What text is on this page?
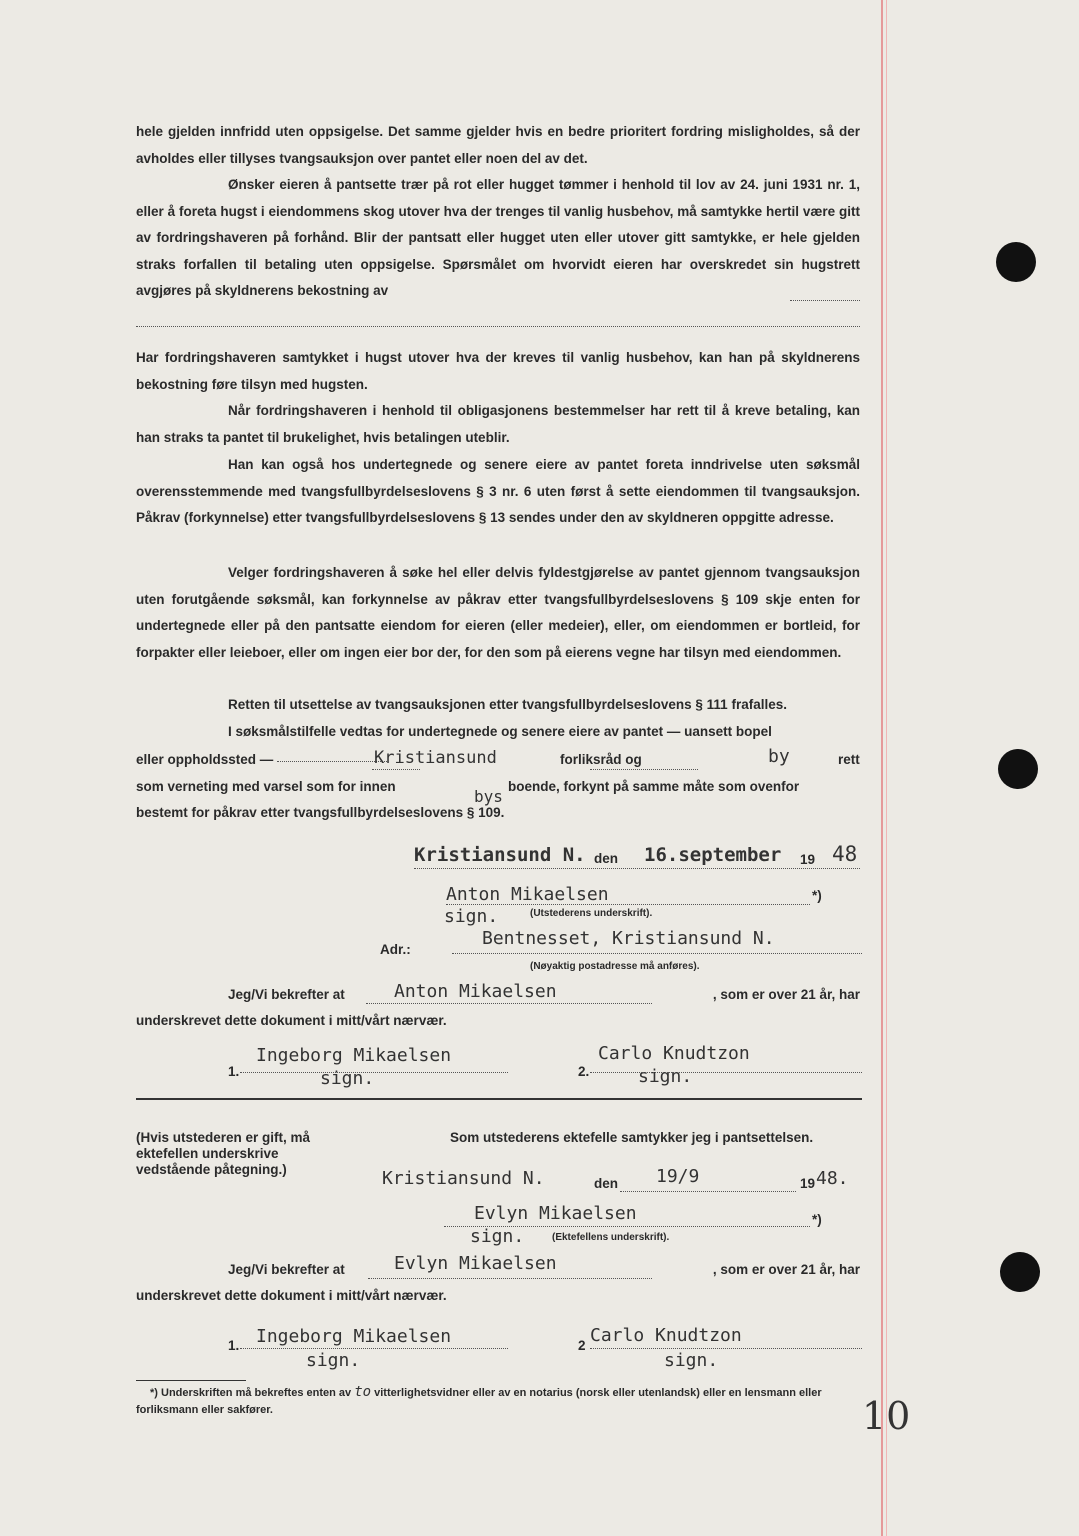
hele gjelden innfridd uten oppsigelse. Det samme gjelder hvis en bedre prioritert fordring misligholdes, så der avholdes eller tillyses tvangsauksjon over pantet eller noen del av det.

Ønsker eieren å pantsette trær på rot eller hugget tømmer i henhold til lov av 24. juni 1931 nr. 1, eller å foreta hugst i eiendommens skog utover hva der trenges til vanlig husbehov, må samtykke hertil være gitt av fordringshaveren på forhånd. Blir der pantsatt eller hugget uten eller utover gitt samtykke, er hele gjelden straks forfallen til betaling uten oppsigelse. Spørsmålet om hvorvidt eieren har overskredet sin hugstrett avgjøres på skyldnerens bekostning av

Har fordringshaveren samtykket i hugst utover hva der kreves til vanlig husbehov, kan han på skyldnerens bekostning føre tilsyn med hugsten.

Når fordringshaveren i henhold til obligasjonens bestemmelser har rett til å kreve betaling, kan han straks ta pantet til brukelighet, hvis betalingen uteblir.

Han kan også hos undertegnede og senere eiere av pantet foreta inndrivelse uten søksmål overensstemmende med tvangsfullbyrdelseslovens § 3 nr. 6 uten først å sette eiendommen til tvangsauksjon. Påkrav (forkynnelse) etter tvangsfullbyrdelseslovens § 13 sendes under den av skyldneren oppgitte adresse.

Velger fordringshaveren å søke hel eller delvis fyldestgjørelse av pantet gjennom tvangsauksjon uten forutgående søksmål, kan forkynnelse av påkrav etter tvangsfullbyrdelseslovens § 109 skje enten for undertegnede eller på den pantsatte eiendom for eieren (eller medeier), eller, om eiendommen er bortleid, for forpakter eller leieboer, eller om ingen eier bor der, for den som på eierens vegne har tilsyn med eiendommen.

Retten til utsettelse av tvangsauksjonen etter tvangsfullbyrdelseslovens § 111 frafalles.

I søksmålstilfelle vedtas for undertegnede og senere eiere av pantet — uansett bopel

eller oppholdssted —	Kristiansund	forliksråd og	by	rett
som verneting med varsel som for innen
bys
boende, forkynt på samme måte som ovenfor
bestemt for påkrav etter tvangsfullbyrdelseslovens § 109.
Kristiansund N. den 16.september 19 48
Anton Mikaelsen	*)
sign.	(Utstederens underskrift).
Adr.:
Bentnesset, Kristiansund N.
(Nøyaktig postadresse må anføres).
Jeg/Vi bekrefter at	Anton Mikaelsen	, som er over 21 år, har
underskrevet dette dokument i mitt/vårt nærvær.
1.
Ingeborg Mikaelsen
sign.	2.
Carlo Knudtzon
sign.
(Hvis utstederen er gift, må ektefellen underskrive vedstående påtegning.)
Som utstederens ektefelle samtykker jeg i pantsettelsen.
Kristiansund N.	den 19/9	19 48.
Evlyn Mikaelsen	*)
sign.	(Ektefellens underskrift).
Jeg/Vi bekrefter at	Evlyn Mikaelsen	, som er over 21 år, har
underskrevet dette dokument i mitt/vårt nærvær.
1. Ingeborg Mikaelsen
sign.
2 Carlo Knudtzon
sign.
*) Underskriften må bekreftes enten av to vitterlighetsvidner eller av en notarius (norsk eller utenlandsk) eller en lensmann eller forliksmann eller sakfører.	10
